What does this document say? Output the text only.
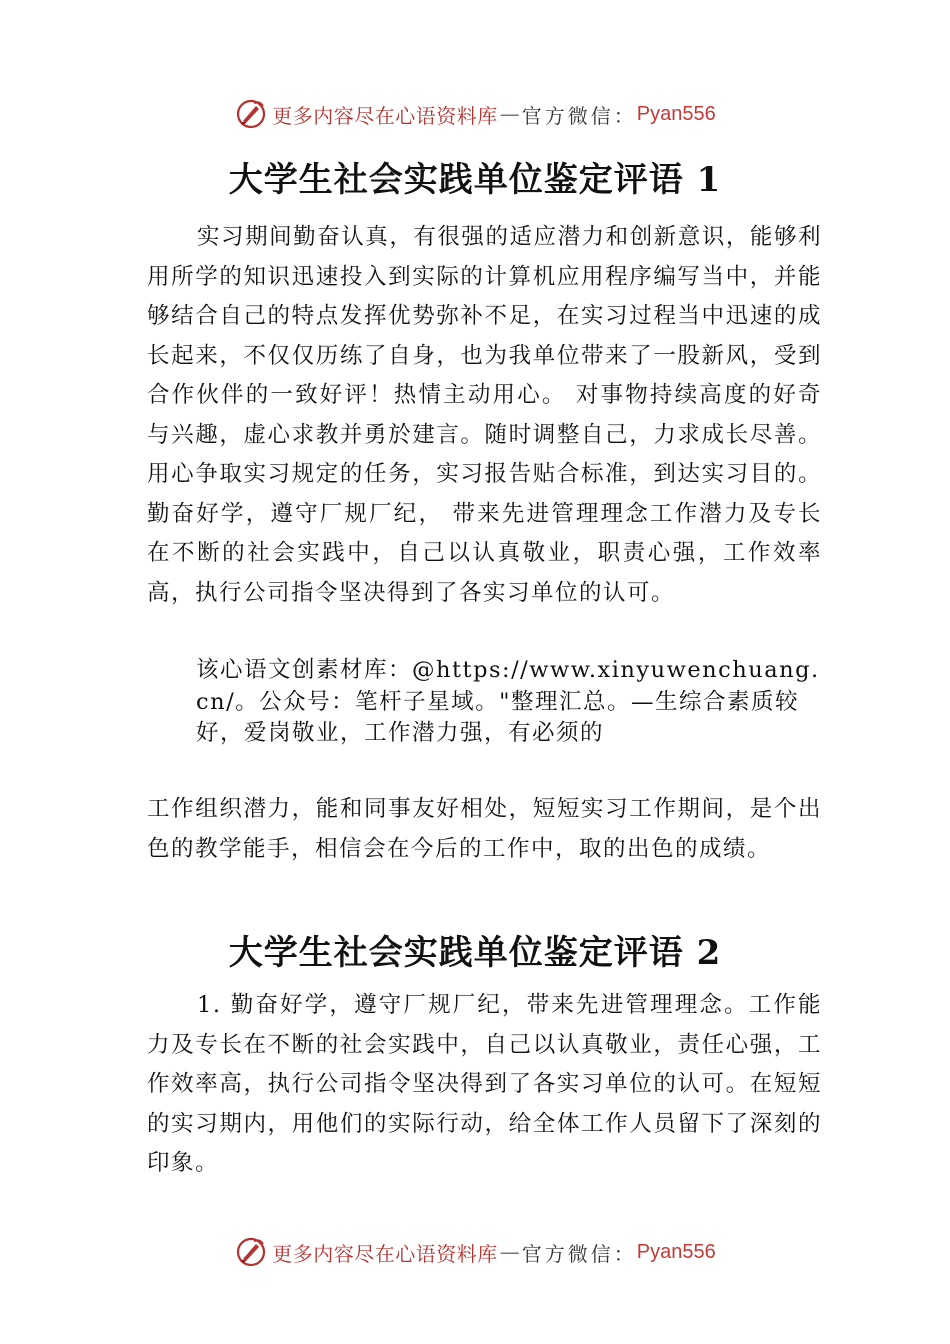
更多内容尽在心语资料库 — 官方微信： Pyan556
大学生社会实践单位鉴定评语 1

实习期间勤奋认真，有很强的适应潜力和创新意识，能够利用所学的知识迅速投入到实际的计算机应用程序编写当中，并能够结合自己的特点发挥优势弥补不足，在实习过程当中迅速的成长起来，不仅仅历练了自身，也为我单位带来了一股新风，受到合作伙伴的一致好评！热情主动用心。 对事物持续高度的好奇与兴趣，虚心求教并勇於建言。随时调整自己，力求成长尽善。用心争取实习规定的任务，实习报告贴合标准，到达实习目的。勤奋好学，遵守厂规厂纪， 带来先进管理理念工作潜力及专长在不断的社会实践中，自己以认真敬业，职责心强，工作效率高，执行公司指令坚决得到了各实习单位的认可。

该心语文创素材库：@https://www.xinyuwenchuang.cn/。公众号：笔杆子星域。"整理汇总。—生综合素质较好，爱岗敬业，工作潜力强，有必须的

工作组织潜力，能和同事友好相处，短短实习工作期间，是个出色的教学能手，相信会在今后的工作中，取的出色的成绩。

大学生社会实践单位鉴定评语 2

1. 勤奋好学，遵守厂规厂纪，带来先进管理理念。工作能力及专长在不断的社会实践中，自己以认真敬业，责任心强，工作效率高，执行公司指令坚决得到了各实习单位的认可。在短短的实习期内，用他们的实际行动，给全体工作人员留下了深刻的印象。

更多内容尽在心语资料库 — 官方微信： Pyan556
